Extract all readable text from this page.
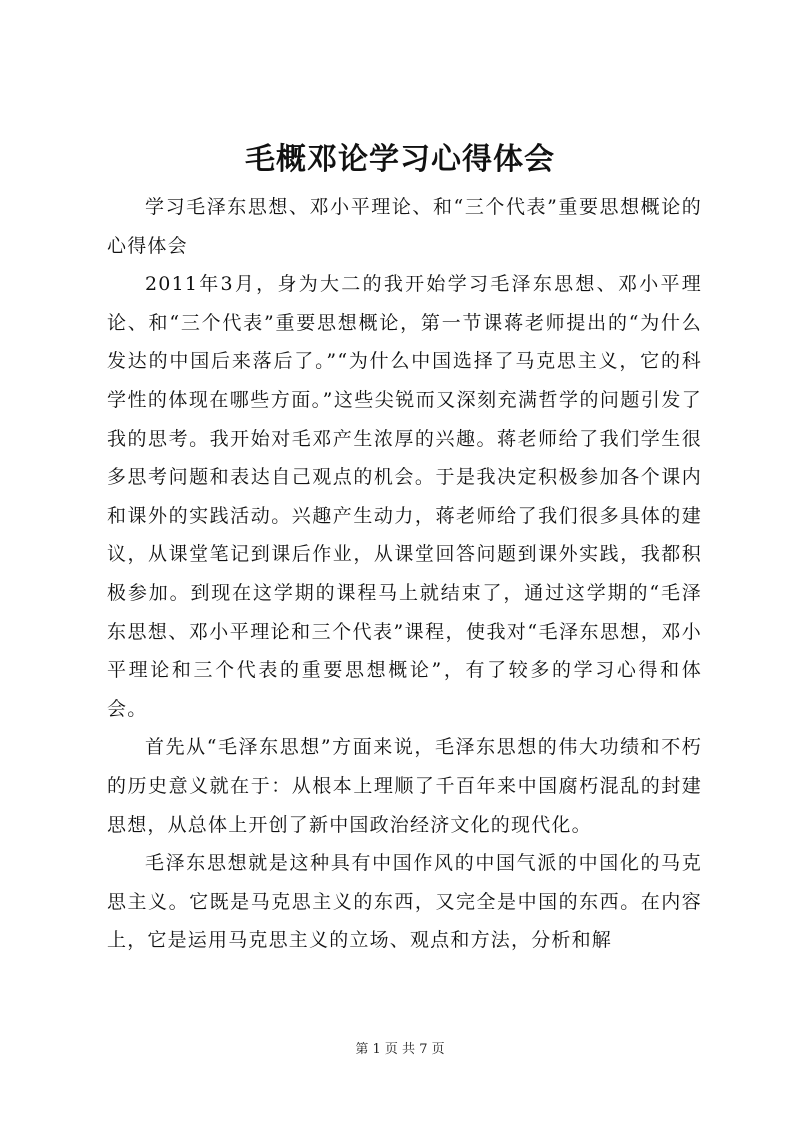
毛概邓论学习心得体会

学习毛泽东思想、邓小平理论、和“三个代表”重要思想概论的心得体会

2011年3月，身为大二的我开始学习毛泽东思想、邓小平理论、和“三个代表”重要思想概论，第一节课蒋老师提出的“为什么发达的中国后来落后了。”“为什么中国选择了马克思主义，它的科学性的体现在哪些方面。”这些尖锐而又深刻充满哲学的问题引发了我的思考。我开始对毛邓产生浓厚的兴趣。蒋老师给了我们学生很多思考问题和表达自己观点的机会。于是我决定积极参加各个课内和课外的实践活动。兴趣产生动力，蒋老师给了我们很多具体的建议，从课堂笔记到课后作业，从课堂回答问题到课外实践，我都积极参加。到现在这学期的课程马上就结束了，通过这学期的“毛泽东思想、邓小平理论和三个代表”课程，使我对“毛泽东思想，邓小平理论和三个代表的重要思想概论”，有了较多的学习心得和体会。

首先从“毛泽东思想”方面来说，毛泽东思想的伟大功绩和不朽的历史意义就在于：从根本上理顺了千百年来中国腐朽混乱的封建思想，从总体上开创了新中国政治经济文化的现代化。

毛泽东思想就是这种具有中国作风的中国气派的中国化的马克思主义。它既是马克思主义的东西，又完全是中国的东西。在内容上，它是运用马克思主义的立场、观点和方法，分析和解

第 1 页 共 7 页
